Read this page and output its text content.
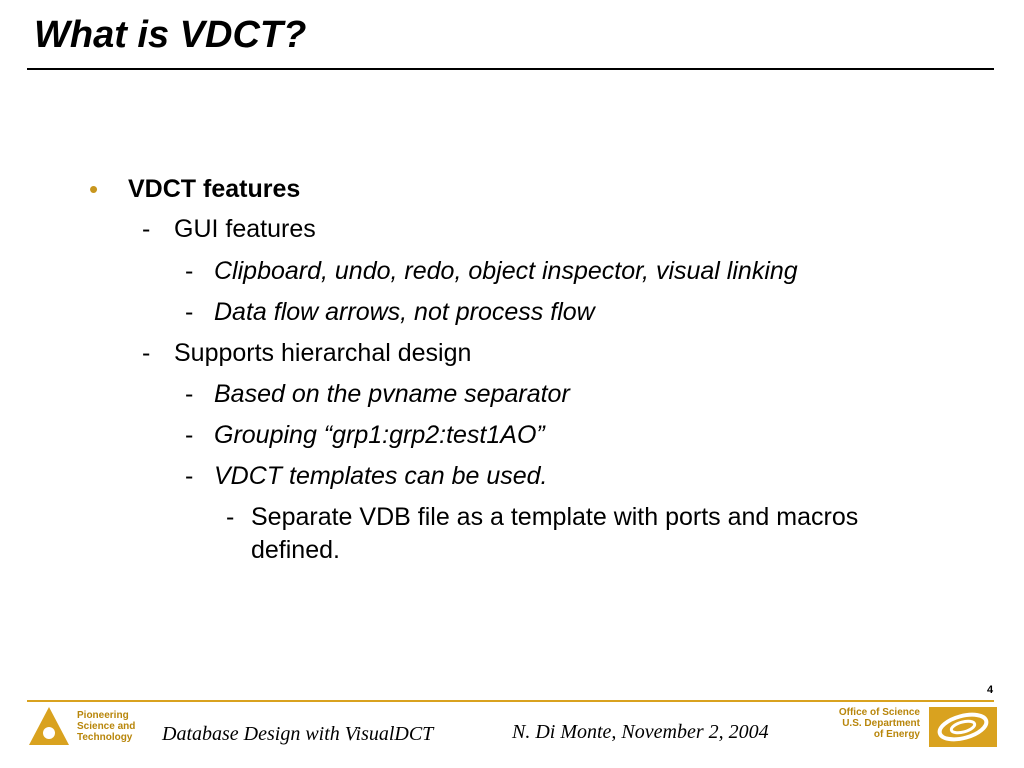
What is VDCT?
• VDCT features
- GUI features
- Clipboard, undo, redo, object inspector, visual linking
- Data flow arrows, not process flow
- Supports hierarchal design
- Based on the pvname separator
- Grouping “grp1:grp2:test1AO”
- VDCT templates can be used.
- Separate VDB file as a template with ports and macros
defined.
4
Pioneering
Science and
Technology Database Design with VisualDCT	N. Di Monte, November 2, 2004
Office of Science
U.S. Department
of Energy
